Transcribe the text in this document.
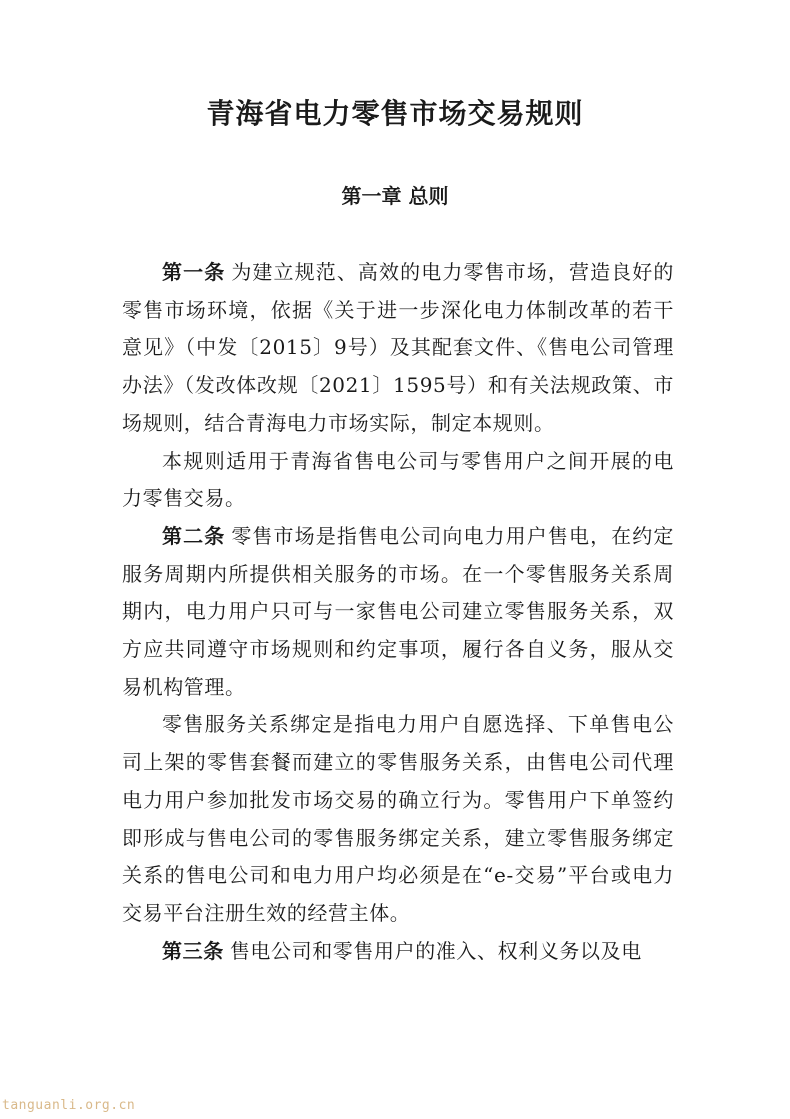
青海省电力零售市场交易规则
第一章 总则

第一条 为建立规范、高效的电力零售市场，营造良好的零售市场环境，依据《关于进一步深化电力体制改革的若干意见》（中发〔2015〕9号）及其配套文件、《售电公司管理办法》（发改体改规〔2021〕1595号）和有关法规政策、市场规则，结合青海电力市场实际，制定本规则。

本规则适用于青海省售电公司与零售用户之间开展的电力零售交易。

第二条 零售市场是指售电公司向电力用户售电，在约定服务周期内所提供相关服务的市场。在一个零售服务关系周期内，电力用户只可与一家售电公司建立零售服务关系，双方应共同遵守市场规则和约定事项，履行各自义务，服从交易机构管理。

零售服务关系绑定是指电力用户自愿选择、下单售电公司上架的零售套餐而建立的零售服务关系，由售电公司代理电力用户参加批发市场交易的确立行为。零售用户下单签约即形成与售电公司的零售服务绑定关系，建立零售服务绑定关系的售电公司和电力用户均必须是在“e-交易”平台或电力交易平台注册生效的经营主体。

第三条 售电公司和零售用户的准入、权利义务以及电

tanguanli.org.cn
